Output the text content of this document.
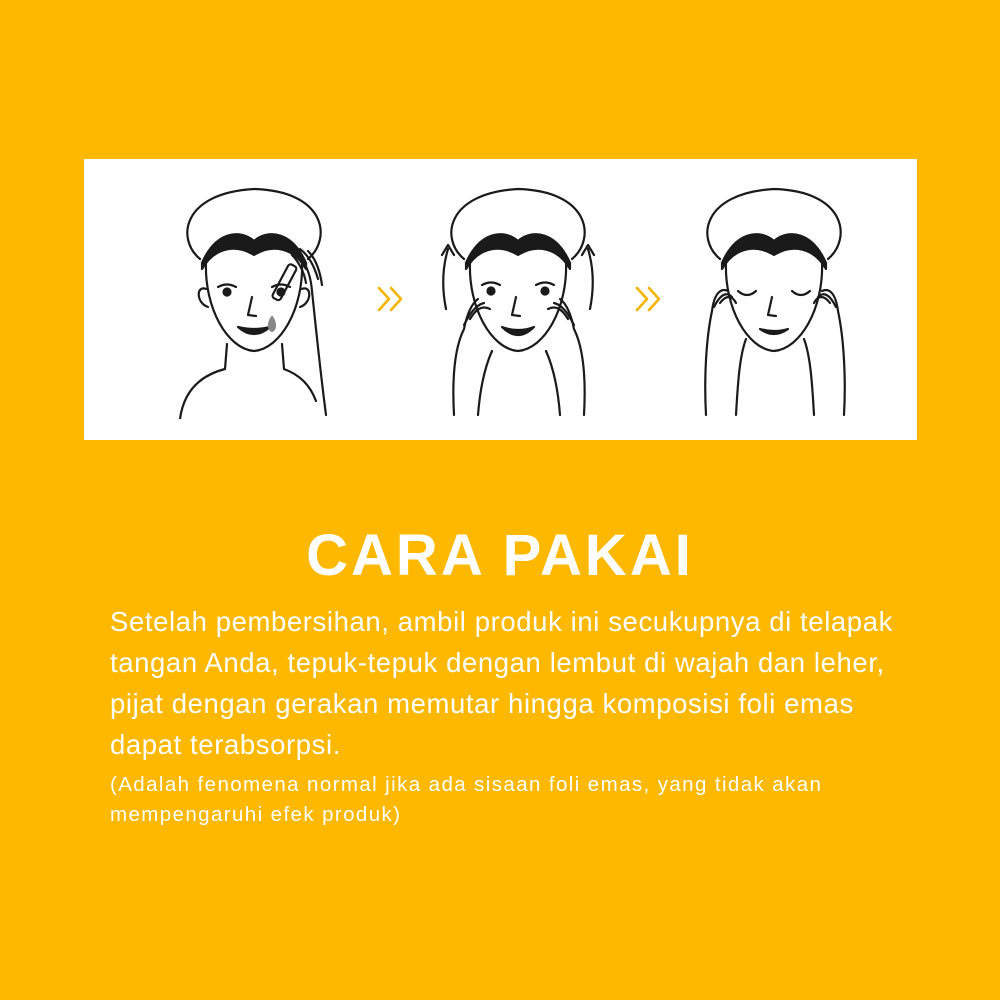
CARA PAKAI

Setelah pembersihan, ambil produk ini secukupnya di telapak tangan Anda, tepuk-tepuk dengan lembut di wajah dan leher, pijat dengan gerakan memutar hingga komposisi foli emas dapat terabsorpsi.

(Adalah fenomena normal jika ada sisaan foli emas, yang tidak akan mempengaruhi efek produk)
